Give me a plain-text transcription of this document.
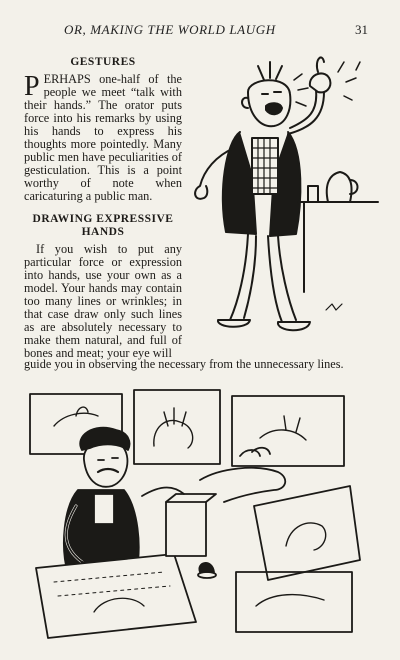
OR, MAKING THE WORLD LAUGH	31
GESTURES

PERHAPS one-half of the people we meet “talk with their hands.” The orator puts force into his remarks by using his hands to express his thoughts more pointedly. Many public men have peculiarities of gesticulation. This is a point worthy of note when caricaturing a public man.

DRAWING EXPRESSIVE HANDS

If you wish to put any particular force or expression into hands, use your own as a model. Your hands may contain too many lines or wrinkles; in that case draw only such lines as are absolutely necessary to make them natural, and full of bones and meat; your eye will

guide you in observing the necessary from the unnecessary lines.
